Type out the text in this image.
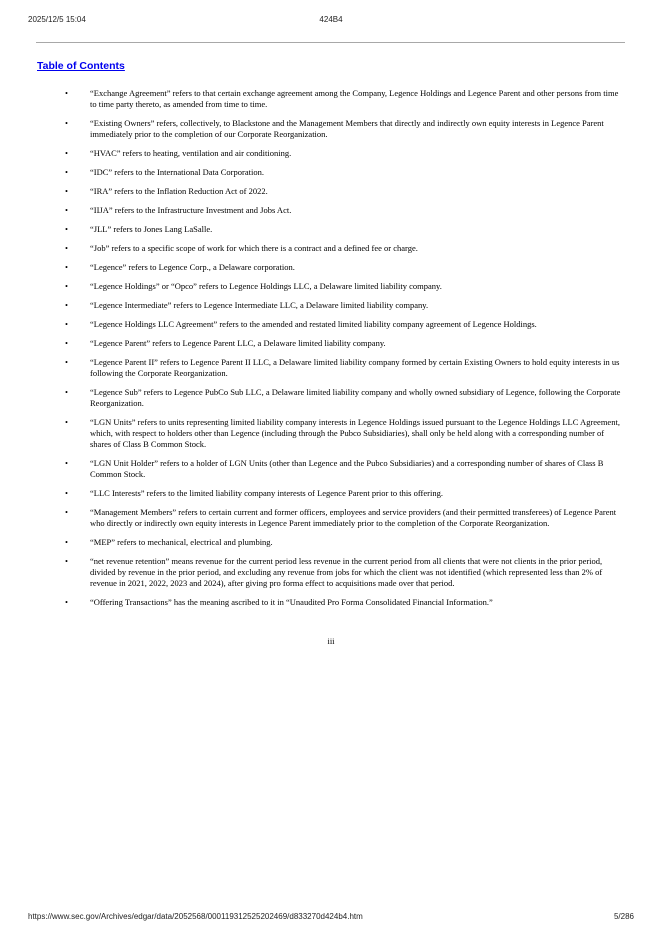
2025/12/5 15:04	424B4
Table of Contents
•	“Exchange Agreement” refers to that certain exchange agreement among the Company, Legence Holdings and Legence Parent and other persons from time to time party thereto, as amended from time to time.
•	“Existing Owners” refers, collectively, to Blackstone and the Management Members that directly and indirectly own equity interests in Legence Parent immediately prior to the completion of our Corporate Reorganization.
•	“HVAC” refers to heating, ventilation and air conditioning.
•	“IDC” refers to the International Data Corporation.
•	“IRA” refers to the Inflation Reduction Act of 2022.
•	“IIJA” refers to the Infrastructure Investment and Jobs Act.
•	“JLL” refers to Jones Lang LaSalle.
•	“Job” refers to a specific scope of work for which there is a contract and a defined fee or charge.
•	“Legence” refers to Legence Corp., a Delaware corporation.
•	“Legence Holdings” or “Opco” refers to Legence Holdings LLC, a Delaware limited liability company.
•	“Legence Intermediate” refers to Legence Intermediate LLC, a Delaware limited liability company.
•	“Legence Holdings LLC Agreement” refers to the amended and restated limited liability company agreement of Legence Holdings.
•	“Legence Parent” refers to Legence Parent LLC, a Delaware limited liability company.
•	“Legence Parent II” refers to Legence Parent II LLC, a Delaware limited liability company formed by certain Existing Owners to hold equity interests in us following the Corporate Reorganization.
•	“Legence Sub” refers to Legence PubCo Sub LLC, a Delaware limited liability company and wholly owned subsidiary of Legence, following the Corporate Reorganization.
•	“LGN Units” refers to units representing limited liability company interests in Legence Holdings issued pursuant to the Legence Holdings LLC Agreement, which, with respect to holders other than Legence (including through the Pubco Subsidiaries), shall only be held along with a corresponding number of shares of Class B Common Stock.
•	“LGN Unit Holder” refers to a holder of LGN Units (other than Legence and the Pubco Subsidiaries) and a corresponding number of shares of Class B Common Stock.
•	“LLC Interests” refers to the limited liability company interests of Legence Parent prior to this offering.
•	“Management Members” refers to certain current and former officers, employees and service providers (and their permitted transferees) of Legence Parent who directly or indirectly own equity interests in Legence Parent immediately prior to the completion of the Corporate Reorganization.
•	“MEP” refers to mechanical, electrical and plumbing.
•	“net revenue retention” means revenue for the current period less revenue in the current period from all clients that were not clients in the prior period, divided by revenue in the prior period, and excluding any revenue from jobs for which the client was not identified (which represented less than 2% of revenue in 2021, 2022, 2023 and 2024), after giving pro forma effect to acquisitions made over that period.
•	“Offering Transactions” has the meaning ascribed to it in “Unaudited Pro Forma Consolidated Financial Information.”
iii
https://www.sec.gov/Archives/edgar/data/2052568/000119312525202469/d833270d424b4.htm	5/286
